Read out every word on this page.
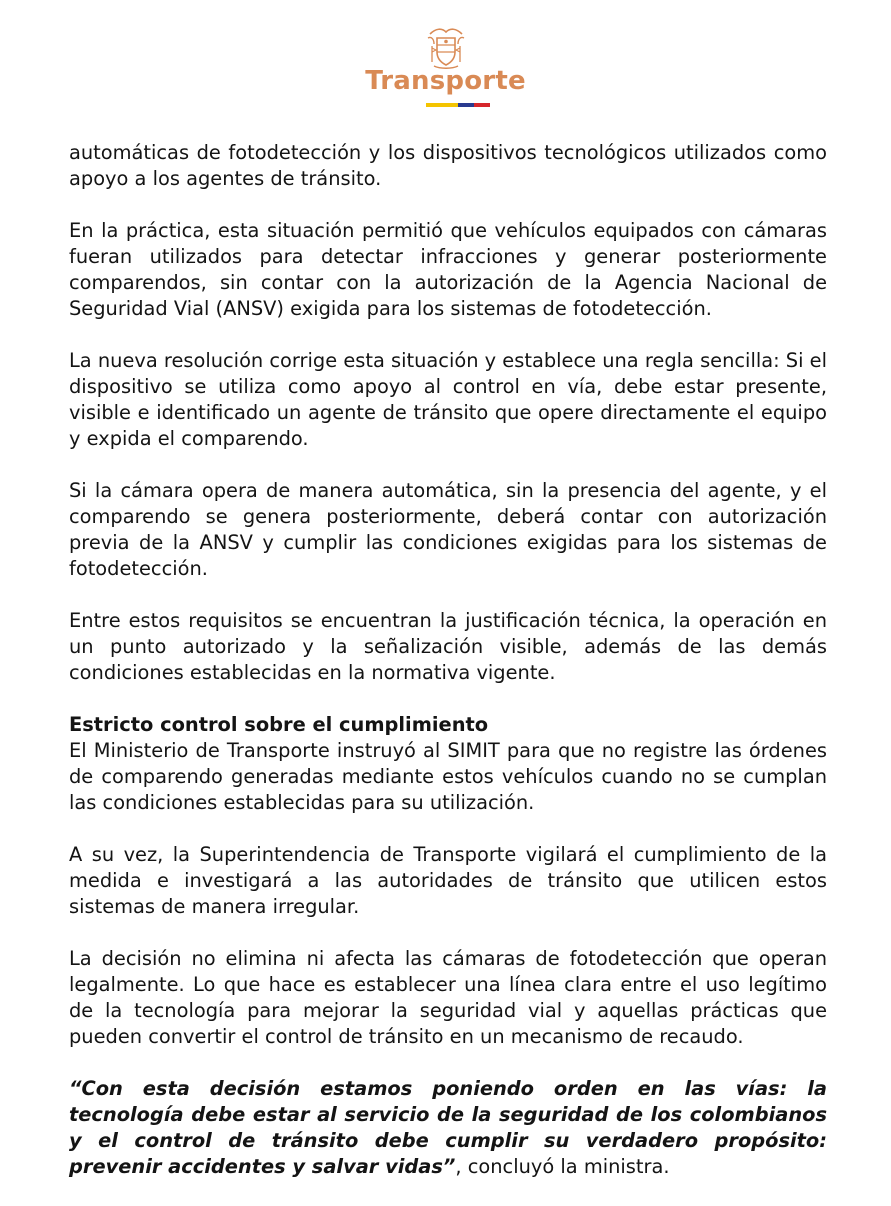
Transporte

automáticas de fotodetección y los dispositivos tecnológicos utilizados como apoyo a los agentes de tránsito.

En la práctica, esta situación permitió que vehículos equipados con cámaras fueran utilizados para detectar infracciones y generar posteriormente comparendos, sin contar con la autorización de la Agencia Nacional de Seguridad Vial (ANSV) exigida para los sistemas de fotodetección.

La nueva resolución corrige esta situación y establece una regla sencilla: Si el dispositivo se utiliza como apoyo al control en vía, debe estar presente, visible e identificado un agente de tránsito que opere directamente el equipo y expida el comparendo.

Si la cámara opera de manera automática, sin la presencia del agente, y el comparendo se genera posteriormente, deberá contar con autorización previa de la ANSV y cumplir las condiciones exigidas para los sistemas de fotodetección.

Entre estos requisitos se encuentran la justificación técnica, la operación en un punto autorizado y la señalización visible, además de las demás condiciones establecidas en la normativa vigente.

Estricto control sobre el cumplimiento

El Ministerio de Transporte instruyó al SIMIT para que no registre las órdenes de comparendo generadas mediante estos vehículos cuando no se cumplan las condiciones establecidas para su utilización.

A su vez, la Superintendencia de Transporte vigilará el cumplimiento de la medida e investigará a las autoridades de tránsito que utilicen estos sistemas de manera irregular.

La decisión no elimina ni afecta las cámaras de fotodetección que operan legalmente. Lo que hace es establecer una línea clara entre el uso legítimo de la tecnología para mejorar la seguridad vial y aquellas prácticas que pueden convertir el control de tránsito en un mecanismo de recaudo.

“Con esta decisión estamos poniendo orden en las vías: la tecnología debe estar al servicio de la seguridad de los colombianos y el control de tránsito debe cumplir su verdadero propósito: prevenir accidentes y salvar vidas”, concluyó la ministra.
